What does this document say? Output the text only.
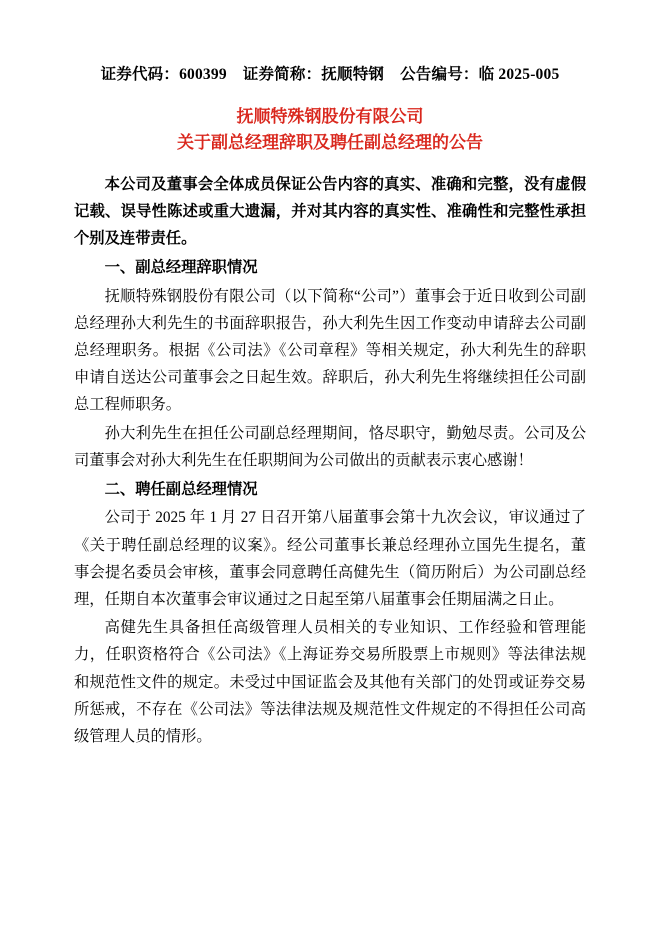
证券代码：600399 证券简称：抚顺特钢 公告编号：临 2025-005
抚顺特殊钢股份有限公司
关于副总经理辞职及聘任副总经理的公告

本公司及董事会全体成员保证公告内容的真实、准确和完整，没有虚假记载、误导性陈述或重大遗漏，并对其内容的真实性、准确性和完整性承担个别及连带责任。

一、副总经理辞职情况

抚顺特殊钢股份有限公司（以下简称“公司”）董事会于近日收到公司副总经理孙大利先生的书面辞职报告，孙大利先生因工作变动申请辞去公司副总经理职务。根据《公司法》《公司章程》等相关规定，孙大利先生的辞职申请自送达公司董事会之日起生效。辞职后，孙大利先生将继续担任公司副总工程师职务。

孙大利先生在担任公司副总经理期间，恪尽职守，勤勉尽责。公司及公司董事会对孙大利先生在任职期间为公司做出的贡献表示衷心感谢！

二、聘任副总经理情况

公司于 2025 年 1 月 27 日召开第八届董事会第十九次会议，审议通过了《关于聘任副总经理的议案》。经公司董事长兼总经理孙立国先生提名，董事会提名委员会审核，董事会同意聘任高健先生（简历附后）为公司副总经理，任期自本次董事会审议通过之日起至第八届董事会任期届满之日止。

高健先生具备担任高级管理人员相关的专业知识、工作经验和管理能力，任职资格符合《公司法》《上海证券交易所股票上市规则》等法律法规和规范性文件的规定。未受过中国证监会及其他有关部门的处罚或证券交易所惩戒，不存在《公司法》等法律法规及规范性文件规定的不得担任公司高级管理人员的情形。
